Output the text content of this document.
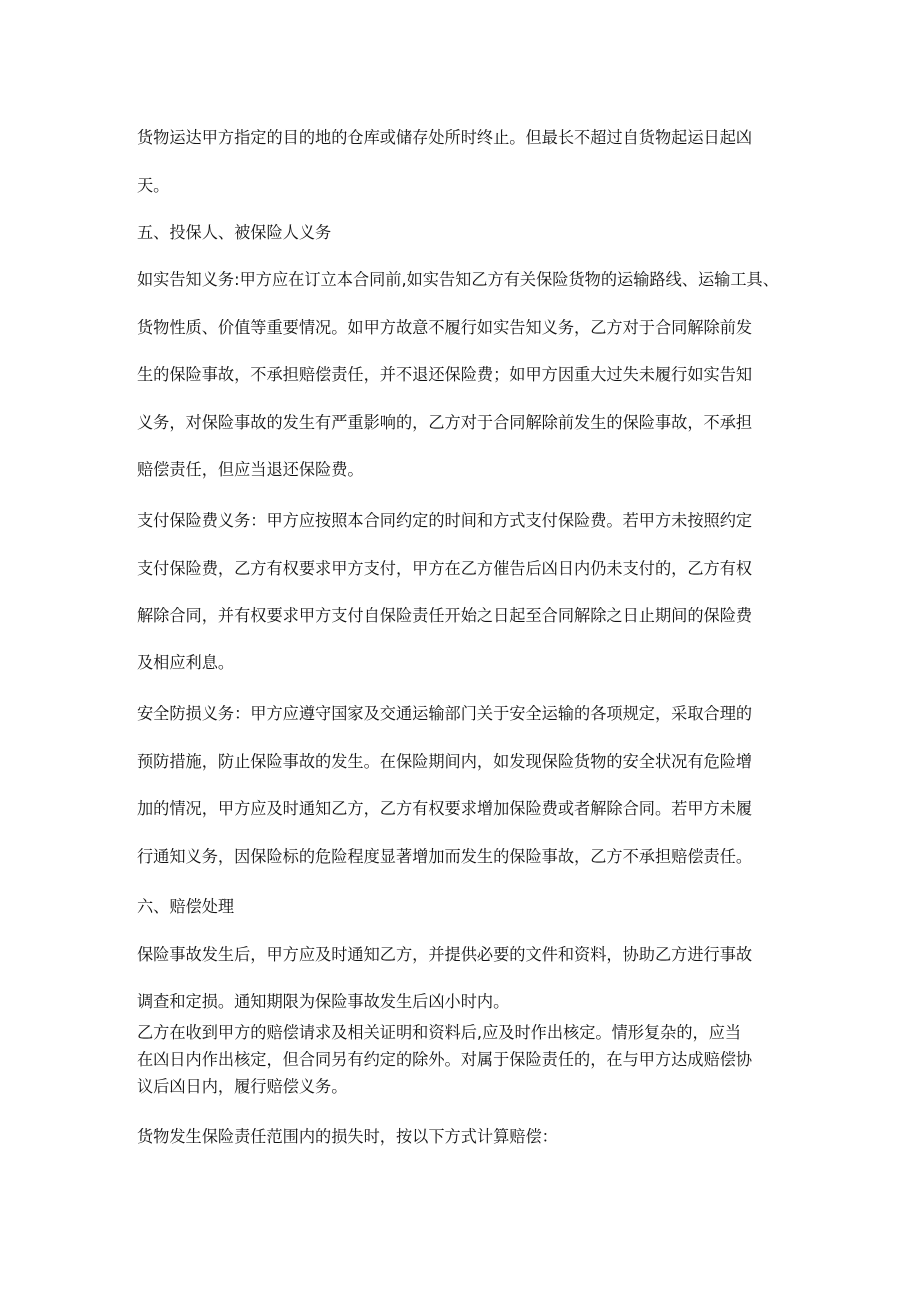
货物运达甲方指定的目的地的仓库或储存处所时终止。但最长不超过自货物起运日起凶
天。
五、投保人、被保险人义务
如实告知义务:甲方应在订立本合同前,如实告知乙方有关保险货物的运输路线、运输工具、
货物性质、价值等重要情况。如甲方故意不履行如实告知义务，乙方对于合同解除前发
生的保险事故，不承担赔偿责任，并不退还保险费；如甲方因重大过失未履行如实告知
义务，对保险事故的发生有严重影响的，乙方对于合同解除前发生的保险事故，不承担
赔偿责任，但应当退还保险费。
支付保险费义务：甲方应按照本合同约定的时间和方式支付保险费。若甲方未按照约定
支付保险费，乙方有权要求甲方支付，甲方在乙方催告后凶日内仍未支付的，乙方有权
解除合同，并有权要求甲方支付自保险责任开始之日起至合同解除之日止期间的保险费
及相应利息。
安全防损义务：甲方应遵守国家及交通运输部门关于安全运输的各项规定，采取合理的
预防措施，防止保险事故的发生。在保险期间内，如发现保险货物的安全状况有危险增
加的情况，甲方应及时通知乙方，乙方有权要求增加保险费或者解除合同。若甲方未履
行通知义务，因保险标的危险程度显著增加而发生的保险事故，乙方不承担赔偿责任。
六、赔偿处理
保险事故发生后，甲方应及时通知乙方，并提供必要的文件和资料，协助乙方进行事故
调查和定损。通知期限为保险事故发生后凶小时内。
乙方在收到甲方的赔偿请求及相关证明和资料后,应及时作出核定。情形复杂的，应当
在凶日内作出核定，但合同另有约定的除外。对属于保险责任的，在与甲方达成赔偿协
议后凶日内，履行赔偿义务。
货物发生保险责任范围内的损失时，按以下方式计算赔偿：
